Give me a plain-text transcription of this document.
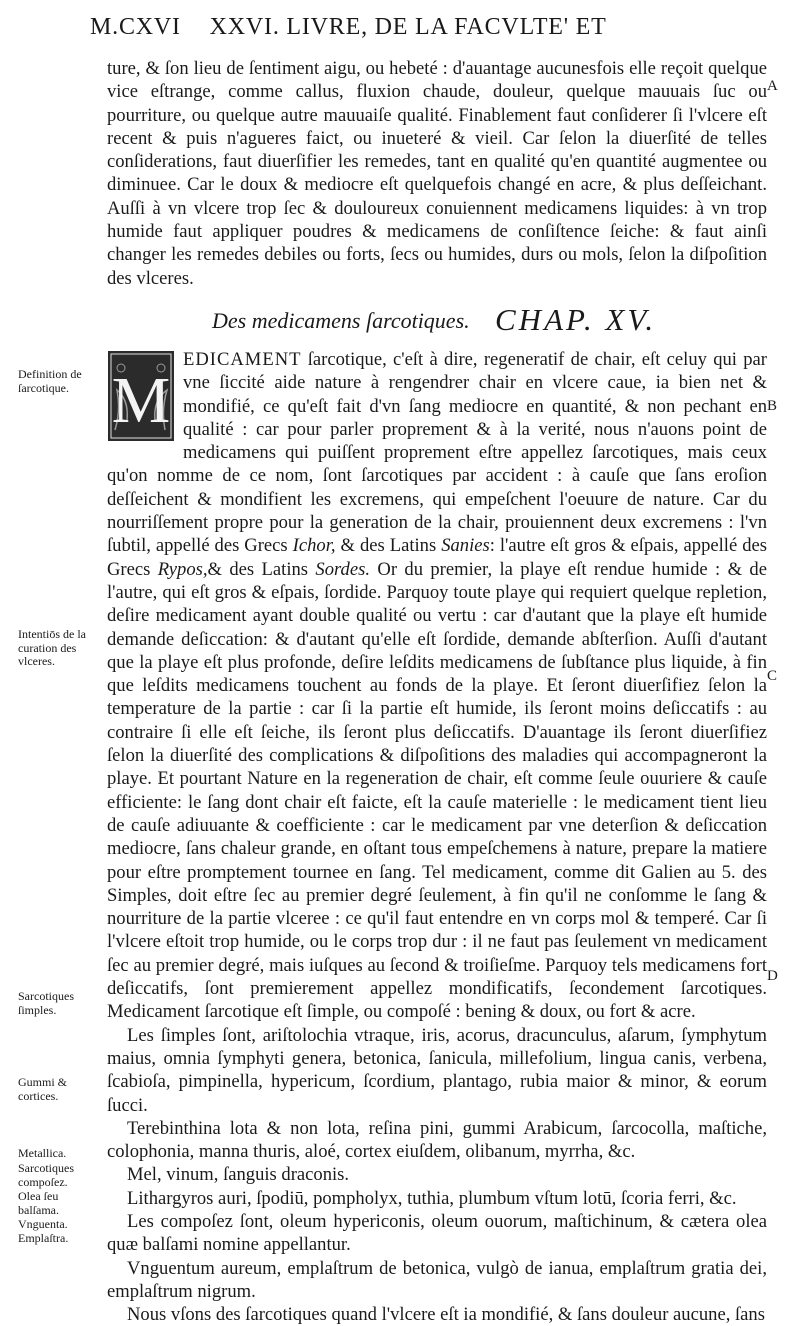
M.CXVI XXVI. LIVRE, DE LA FACVLTE' ET
A
B
C
D

ture, & ſon lieu de ſentiment aigu, ou hebeté : d'auantage aucunesfois elle reçoit quelque vice eſtrange, comme callus, fluxion chaude, douleur, quelque mauuais ſuc ou pourriture, ou quelque autre mauuaiſe qualité. Finablement faut conſiderer ſi l'vlcere eſt recent & puis n'agueres faict, ou inueteré & vieil. Car ſelon la diuerſité de telles conſiderations, faut diuerſifier les remedes, tant en qualité qu'en quantité augmentee ou diminuee. Car le doux & mediocre eſt quelquefois changé en acre, & plus deſſeichant. Auſſi à vn vlcere trop ſec & douloureux conuiennent medicamens liquides: à vn trop humide faut appliquer poudres & medicamens de conſiſtence ſeiche: & faut ainſi changer les remedes debiles ou forts, ſecs ou humides, durs ou mols, ſelon la diſpoſition des vlceres.

Des medicamens ſarcotiques. CHAP. XV.
Definition de ſarcotique.
Intentiōs de la curation des vlceres.
Sarcotiques ſimples.
Gummi & cortices.
Metallica.
Sarcotiques compoſez.
Olea ſeu balſama.
Vnguenta.
Emplaſtra.

M
EDICAMENT ſarcotique, c'eſt à dire, regeneratif de chair, eſt celuy qui par vne ſiccité aide nature à rengendrer chair en vlcere caue, ia bien net & mondifié, ce qu'eſt fait d'vn ſang mediocre en quantité, & non pechant en qualité : car pour parler proprement & à la verité, nous n'auons point de medicamens qui puiſſent proprement eſtre appellez ſarcotiques, mais ceux qu'on nomme de ce nom, ſont ſarcotiques par accident : à cauſe que ſans eroſion deſſeichent & mondifient les excremens, qui empeſchent l'oeuure de nature. Car du nourriſſement propre pour la generation de la chair, prouiennent deux excremens : l'vn ſubtil, appellé des Grecs Ichor, & des Latins Sanies: l'autre eſt gros & eſpais, appellé des Grecs Rypos,& des Latins Sordes. Or du premier, la playe eſt rendue humide : & de l'autre, qui eſt gros & eſpais, ſordide. Parquoy toute playe qui requiert quelque repletion, deſire medicament ayant double qualité ou vertu : car d'autant que la playe eſt humide demande deſiccation: & d'autant qu'elle eſt ſordide, demande abſterſion. Auſſi d'autant que la playe eſt plus profonde, deſire leſdits medicamens de ſubſtance plus liquide, à fin que leſdits medicamens touchent au fonds de la playe. Et ſeront diuerſifiez ſelon la temperature de la partie : car ſi la partie eſt humide, ils ſeront moins deſiccatifs : au contraire ſi elle eſt ſeiche, ils ſeront plus deſiccatifs. D'auantage ils ſeront diuerſifiez ſelon la diuerſité des complications & diſpoſitions des maladies qui accompagneront la playe. Et pourtant Nature en la regeneration de chair, eſt comme ſeule ouuriere & cauſe efficiente: le ſang dont chair eſt faicte, eſt la cauſe materielle : le medicament tient lieu de cauſe adiuuante & coefficiente : car le medicament par vne deterſion & deſiccation mediocre, ſans chaleur grande, en oſtant tous empeſchemens à nature, prepare la matiere pour eſtre promptement tournee en ſang. Tel medicament, comme dit Galien au 5. des Simples, doit eſtre ſec au premier degré ſeulement, à fin qu'il ne conſomme le ſang & nourriture de la partie vlceree : ce qu'il faut entendre en vn corps mol & temperé. Car ſi l'vlcere eſtoit trop humide, ou le corps trop dur : il ne faut pas ſeulement vn medicament ſec au premier degré, mais iuſques au ſecond & troiſieſme. Parquoy tels medicamens fort deſiccatifs, ſont premierement appellez mondificatifs, ſecondement ſarcotiques. Medicament ſarcotique eſt ſimple, ou compoſé : bening & doux, ou fort & acre.

Les ſimples ſont, ariſtolochia vtraque, iris, acorus, dracunculus, aſarum, ſymphytum maius, omnia ſymphyti genera, betonica, ſanicula, millefolium, lingua canis, verbena, ſcabioſa, pimpinella, hypericum, ſcordium, plantago, rubia maior & minor, & eorum ſucci.

Terebinthina lota & non lota, reſina pini, gummi Arabicum, ſarcocolla, maſtiche, colophonia, manna thuris, aloé, cortex eiuſdem, olibanum, myrrha, &c.

Mel, vinum, ſanguis draconis.

Lithargyros auri, ſpodiū, pompholyx, tuthia, plumbum vſtum lotū, ſcoria ferri, &c.

Les compoſez ſont, oleum hypericonis, oleum ouorum, maſtichinum, & cætera olea quæ balſami nomine appellantur.

Vnguentum aureum, emplaſtrum de betonica, vulgò de ianua, emplaſtrum gratia dei, emplaſtrum nigrum.

Nous vſons des ſarcotiques quand l'vlcere eſt ia mondifié, & ſans douleur aucune, ſans
